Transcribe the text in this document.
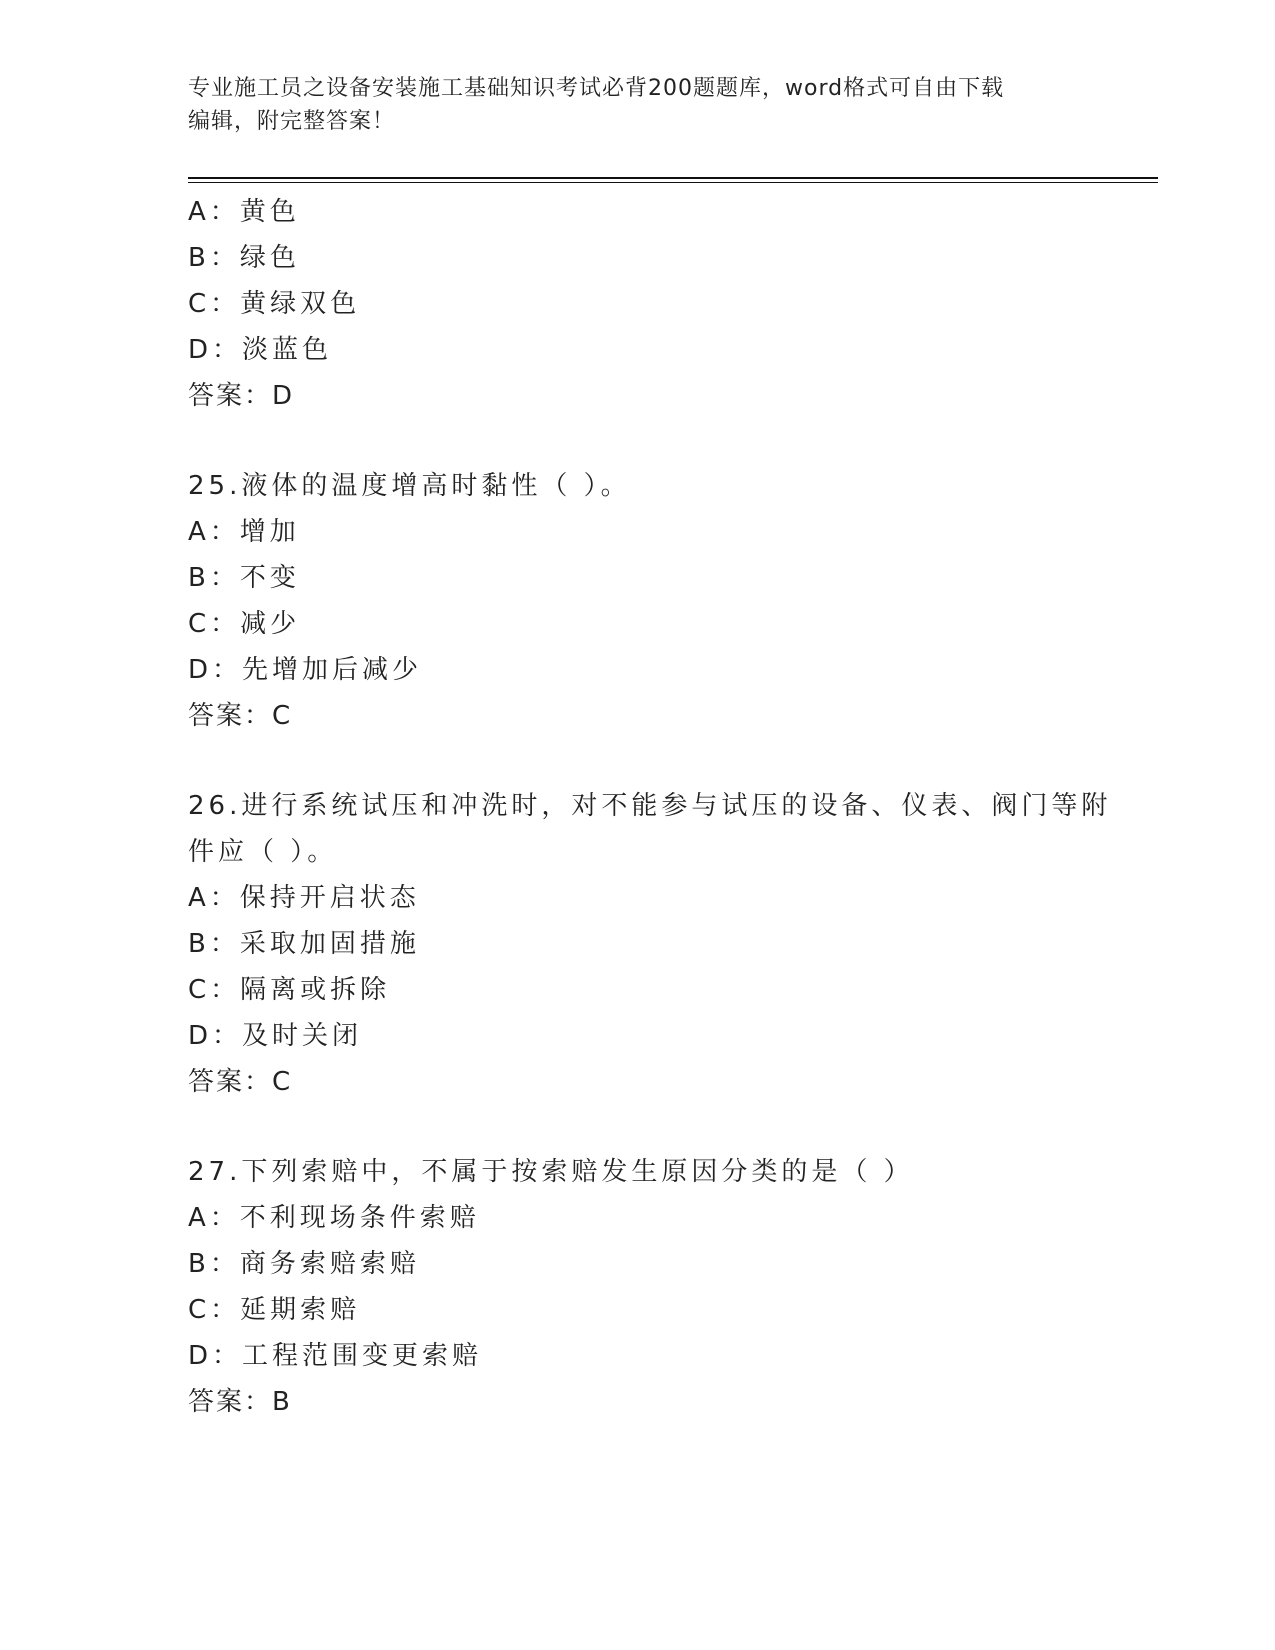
专业施工员之设备安装施工基础知识考试必背200题题库，word格式可自由下载
编辑，附完整答案！
A：黄色
B：绿色
C：黄绿双色
D：淡蓝色
答案：D
25.液体的温度增高时黏性（ ）。
A：增加
B：不变
C：减少
D：先增加后减少
答案：C
26.进行系统试压和冲洗时，对不能参与试压的设备、仪表、阀门等附
件应（ ）。
A：保持开启状态
B：采取加固措施
C：隔离或拆除
D：及时关闭
答案：C
27.下列索赔中，不属于按索赔发生原因分类的是（ ）
A：不利现场条件索赔
B：商务索赔索赔
C：延期索赔
D：工程范围变更索赔
答案：B
